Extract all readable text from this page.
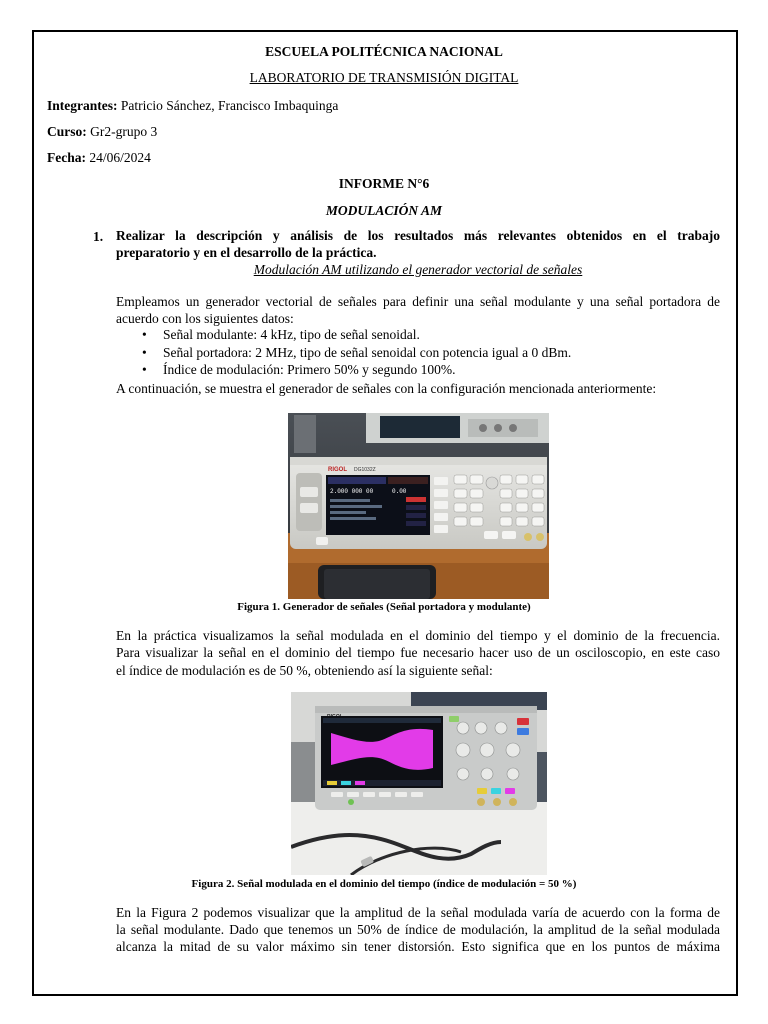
ESCUELA POLITÉCNICA NACIONAL
LABORATORIO DE TRANSMISIÓN DIGITAL
Integrantes: Patricio Sánchez, Francisco Imbaquinga
Curso: Gr2-grupo 3
Fecha: 24/06/2024
INFORME N°6
MODULACIÓN AM
1. Realizar la descripción y análisis de los resultados más relevantes obtenidos en el trabajo
preparatorio y en el desarrollo de la práctica.
Modulación AM utilizando el generador vectorial de señales
Empleamos un generador vectorial de señales para definir una señal modulante y una señal portadora de
acuerdo con los siguientes datos:
• Señal modulante: 4 kHz, tipo de señal senoidal.
• Señal portadora: 2 MHz, tipo de señal senoidal con potencia igual a 0 dBm.
• Índice de modulación: Primero 50% y segundo 100%.
A continuación, se muestra el generador de señales con la configuración mencionada anteriormente:
RIGOL DG1032Z
2.000 000 00	0.00
Figura 1. Generador de señales (Señal portadora y modulante)
En la práctica visualizamos la señal modulada en el dominio del tiempo y el dominio de la frecuencia.
Para visualizar la señal en el dominio del tiempo fue necesario hacer uso de un osciloscopio, en este caso
el índice de modulación es de 50 %, obteniendo así la siguiente señal:
Figura 2. Señal modulada en el dominio del tiempo (índice de modulación = 50 %)
En la Figura 2 podemos visualizar que la amplitud de la señal modulada varía de acuerdo con la forma de
la señal modulante. Dado que tenemos un 50% de índice de modulación, la amplitud de la señal modulada
alcanza la mitad de su valor máximo sin tener distorsión. Esto significa que en los puntos de máxima
